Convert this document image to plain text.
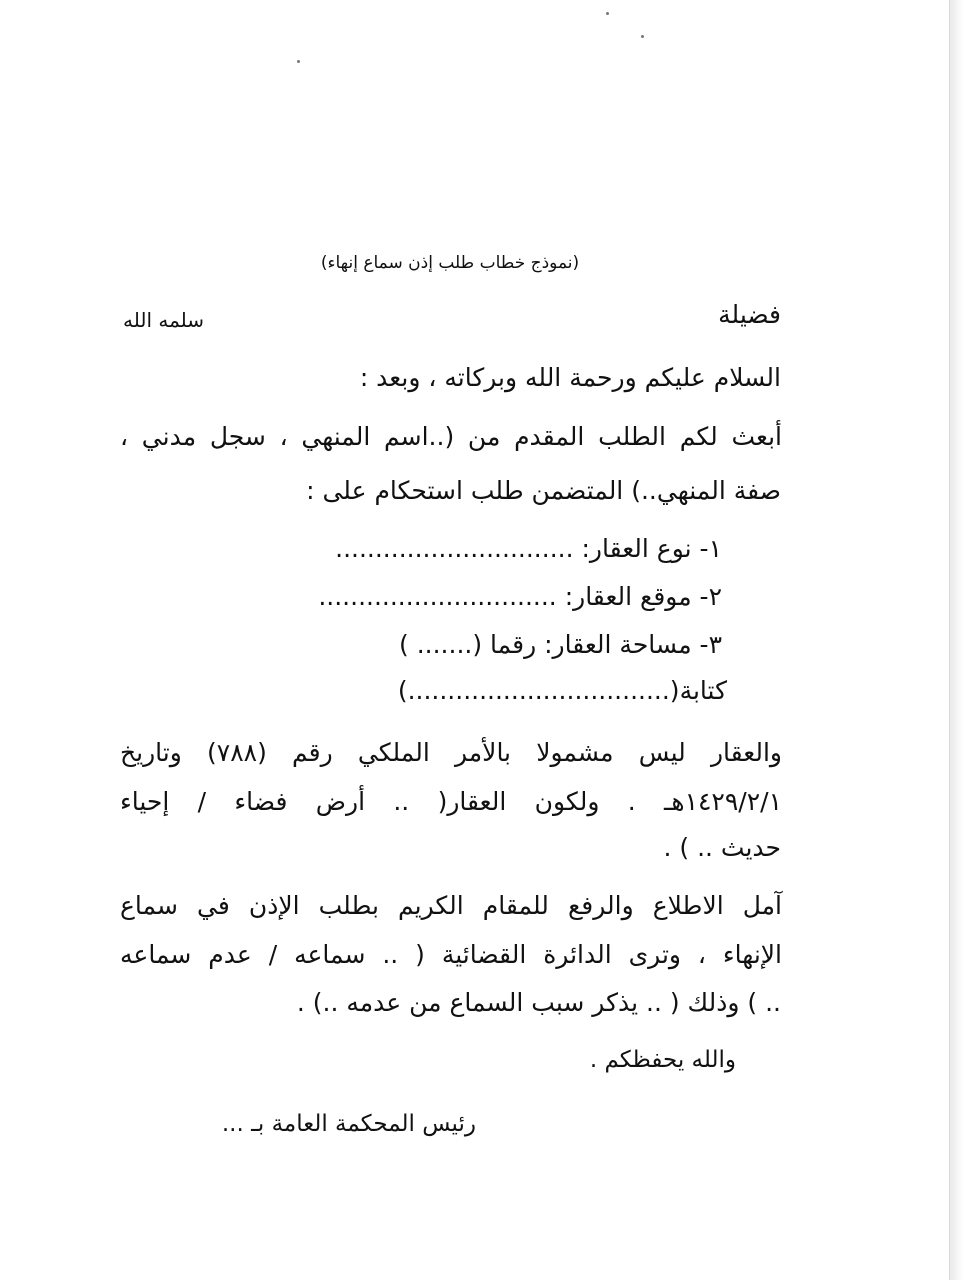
(نموذج خطاب طلب إذن سماع إنهاء)
فضيلة
سلمه الله
السلام عليكم ورحمة الله وبركاته ، وبعد :
أبعث لكم الطلب المقدم من (..اسم المنهي ، سجل مدني ،
صفة المنهي..) المتضمن طلب استحكام على :
١- نوع العقار: ..............................
٢- موقع العقار: ..............................
٣- مساحة العقار: رقما (....... )
كتابة(.................................)
والعقار ليس مشمولا بالأمر الملكي رقم (٧٨٨) وتاريخ
١٤٢٩/٢/١هـ . ولكون العقار( .. أرض فضاء / إحياء
حديث .. ) .
آمل الاطلاع والرفع للمقام الكريم بطلب الإذن في سماع
الإنهاء ، وترى الدائرة القضائية ( .. سماعه / عدم سماعه
.. ) وذلك ( .. يذكر سبب السماع من عدمه ..) .
والله يحفظكم .
رئيس المحكمة العامة بـ ...
